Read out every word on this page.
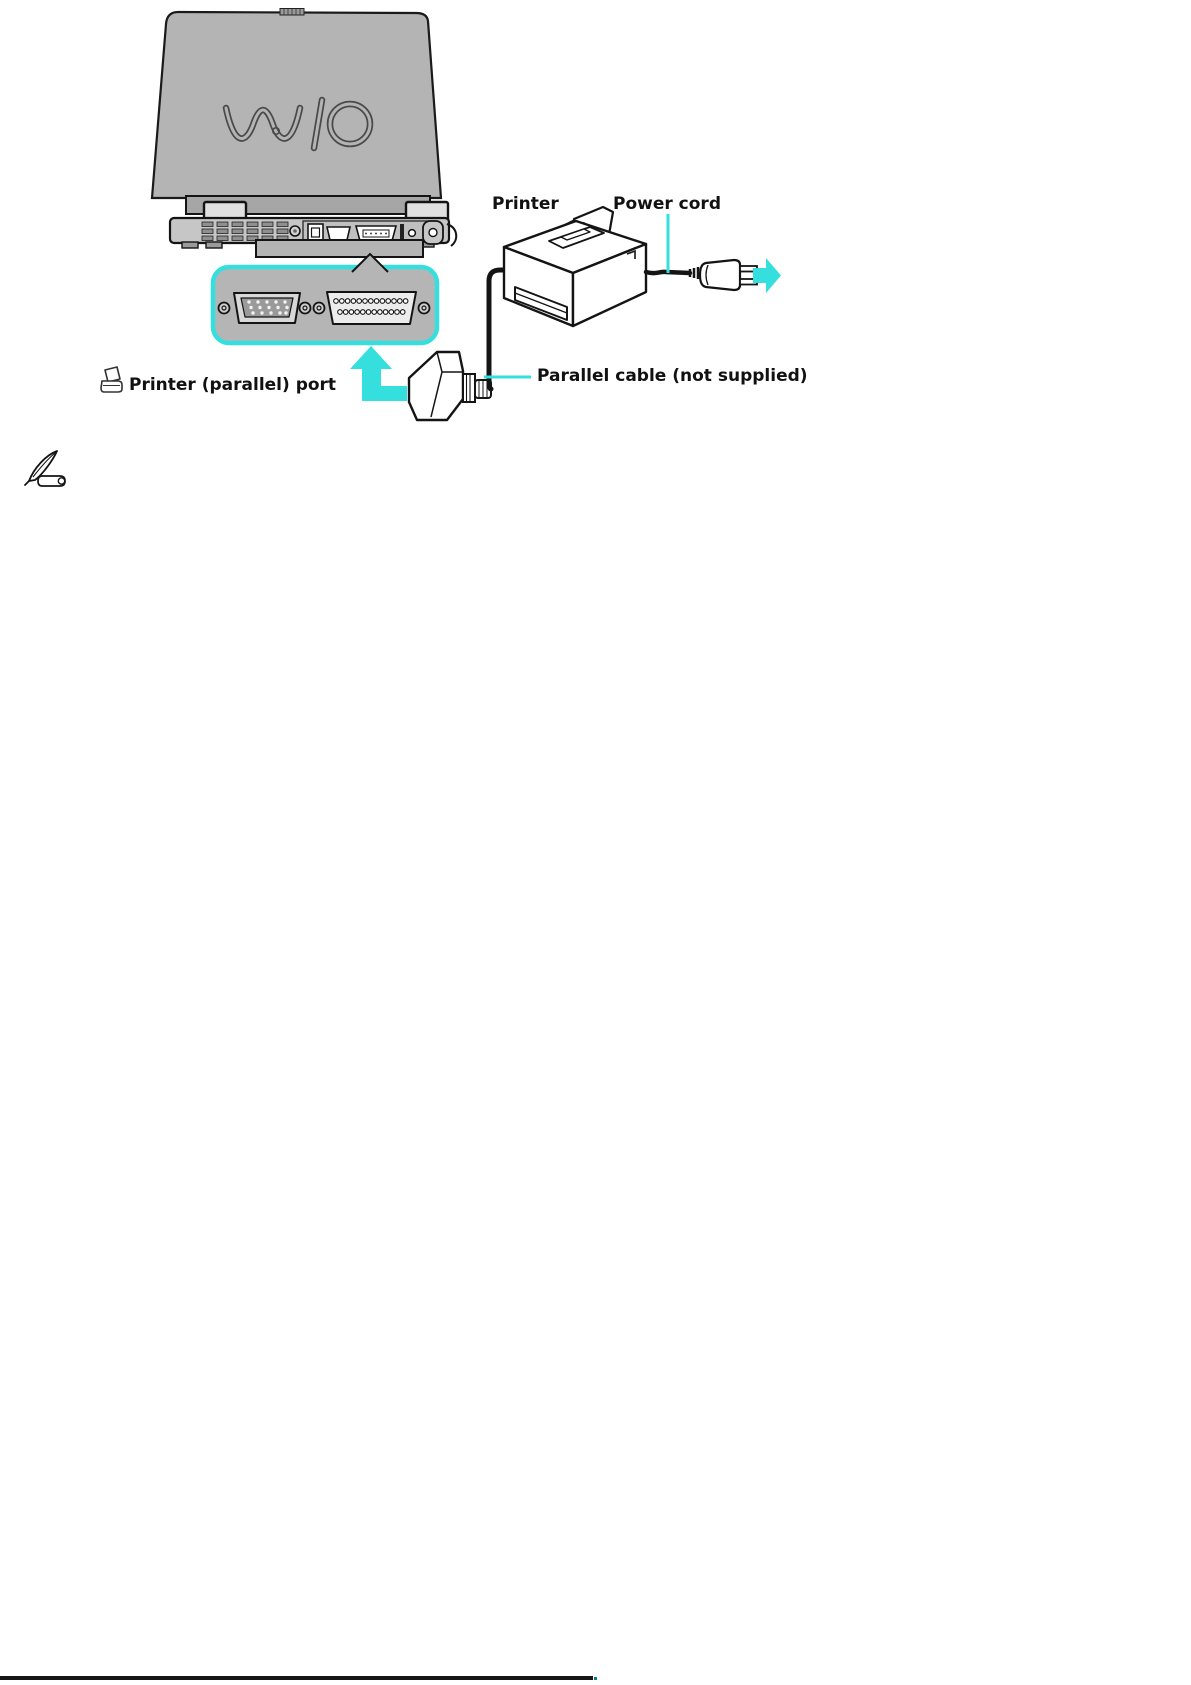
Printer	Power cord
Parallel cable (not supplied)
Printer (parallel) port
